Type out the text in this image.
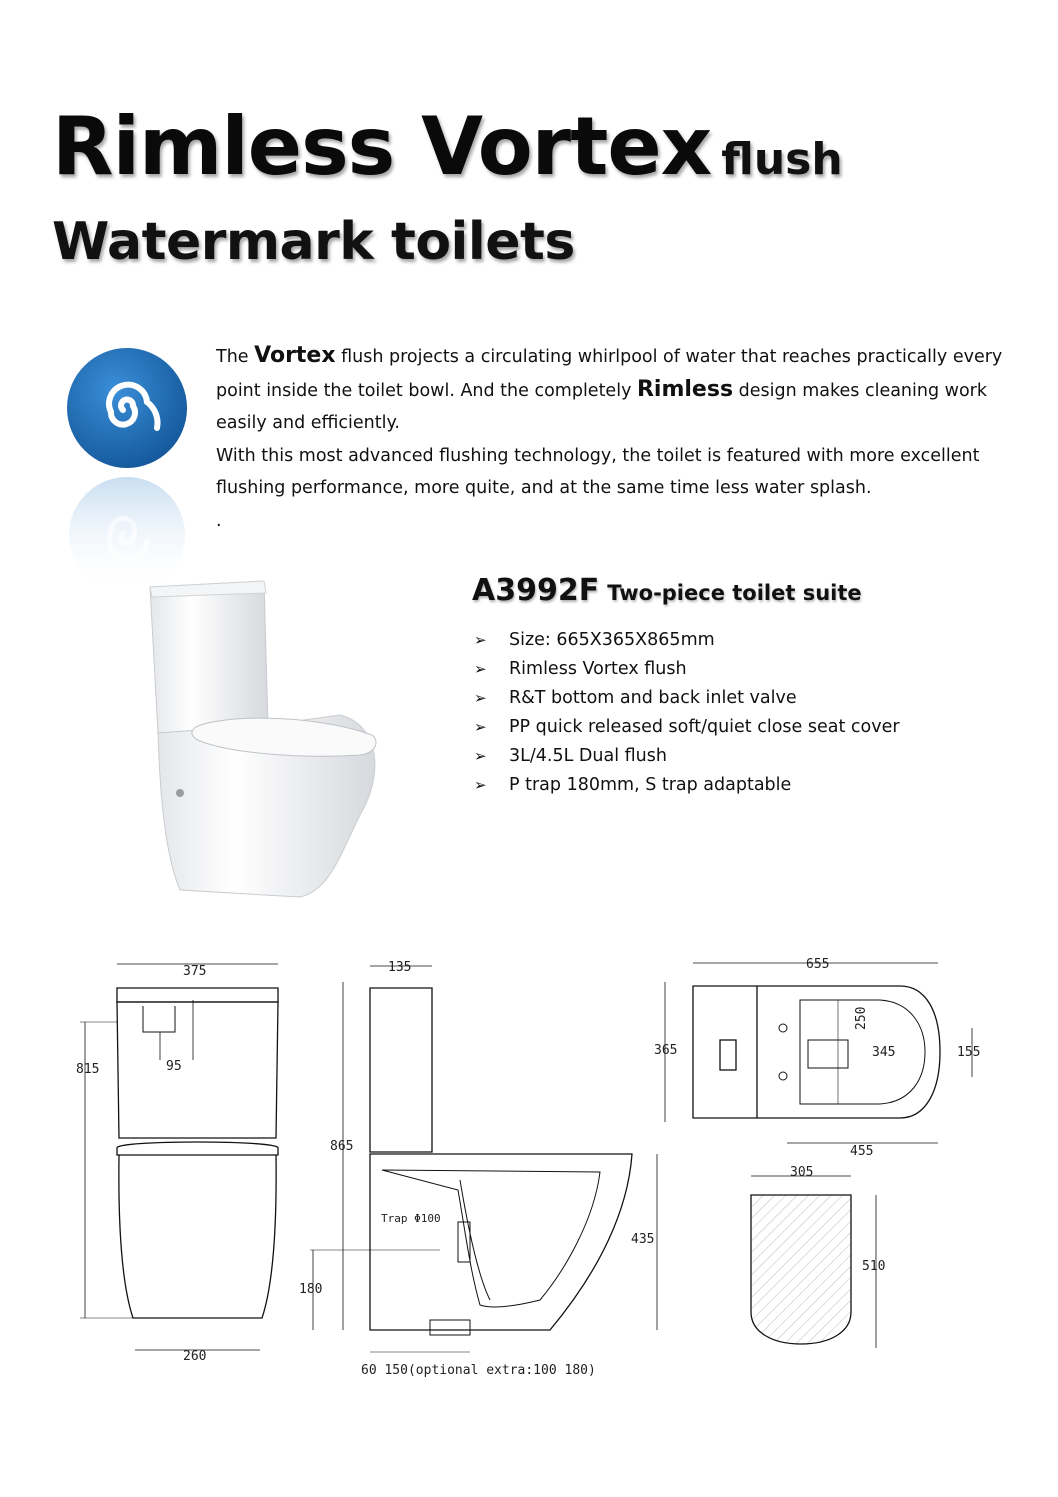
Rimless Vortex flush
Watermark toilets

The Vortex flush projects a circulating whirlpool of water that reaches practically every point inside the toilet bowl. And the completely Rimless design makes cleaning work easily and efficiently.

With this most advanced flushing technology, the toilet is featured with more excellent flushing performance, more quite, and at the same time less water splash.

.

A3992F Two-piece toilet suite
➢ Size: 665X365X865mm
➢ Rimless Vortex flush
➢ R&T bottom and back inlet valve
➢ PP quick released soft/quiet close seat cover
➢ 3L/4.5L Dual flush
➢ P trap 180mm, S trap adaptable
375
95
815
260
135
Trap Φ100
865
180
435
60 150(optional extra:100 180)
655
250
345
365	155
455
305
510
